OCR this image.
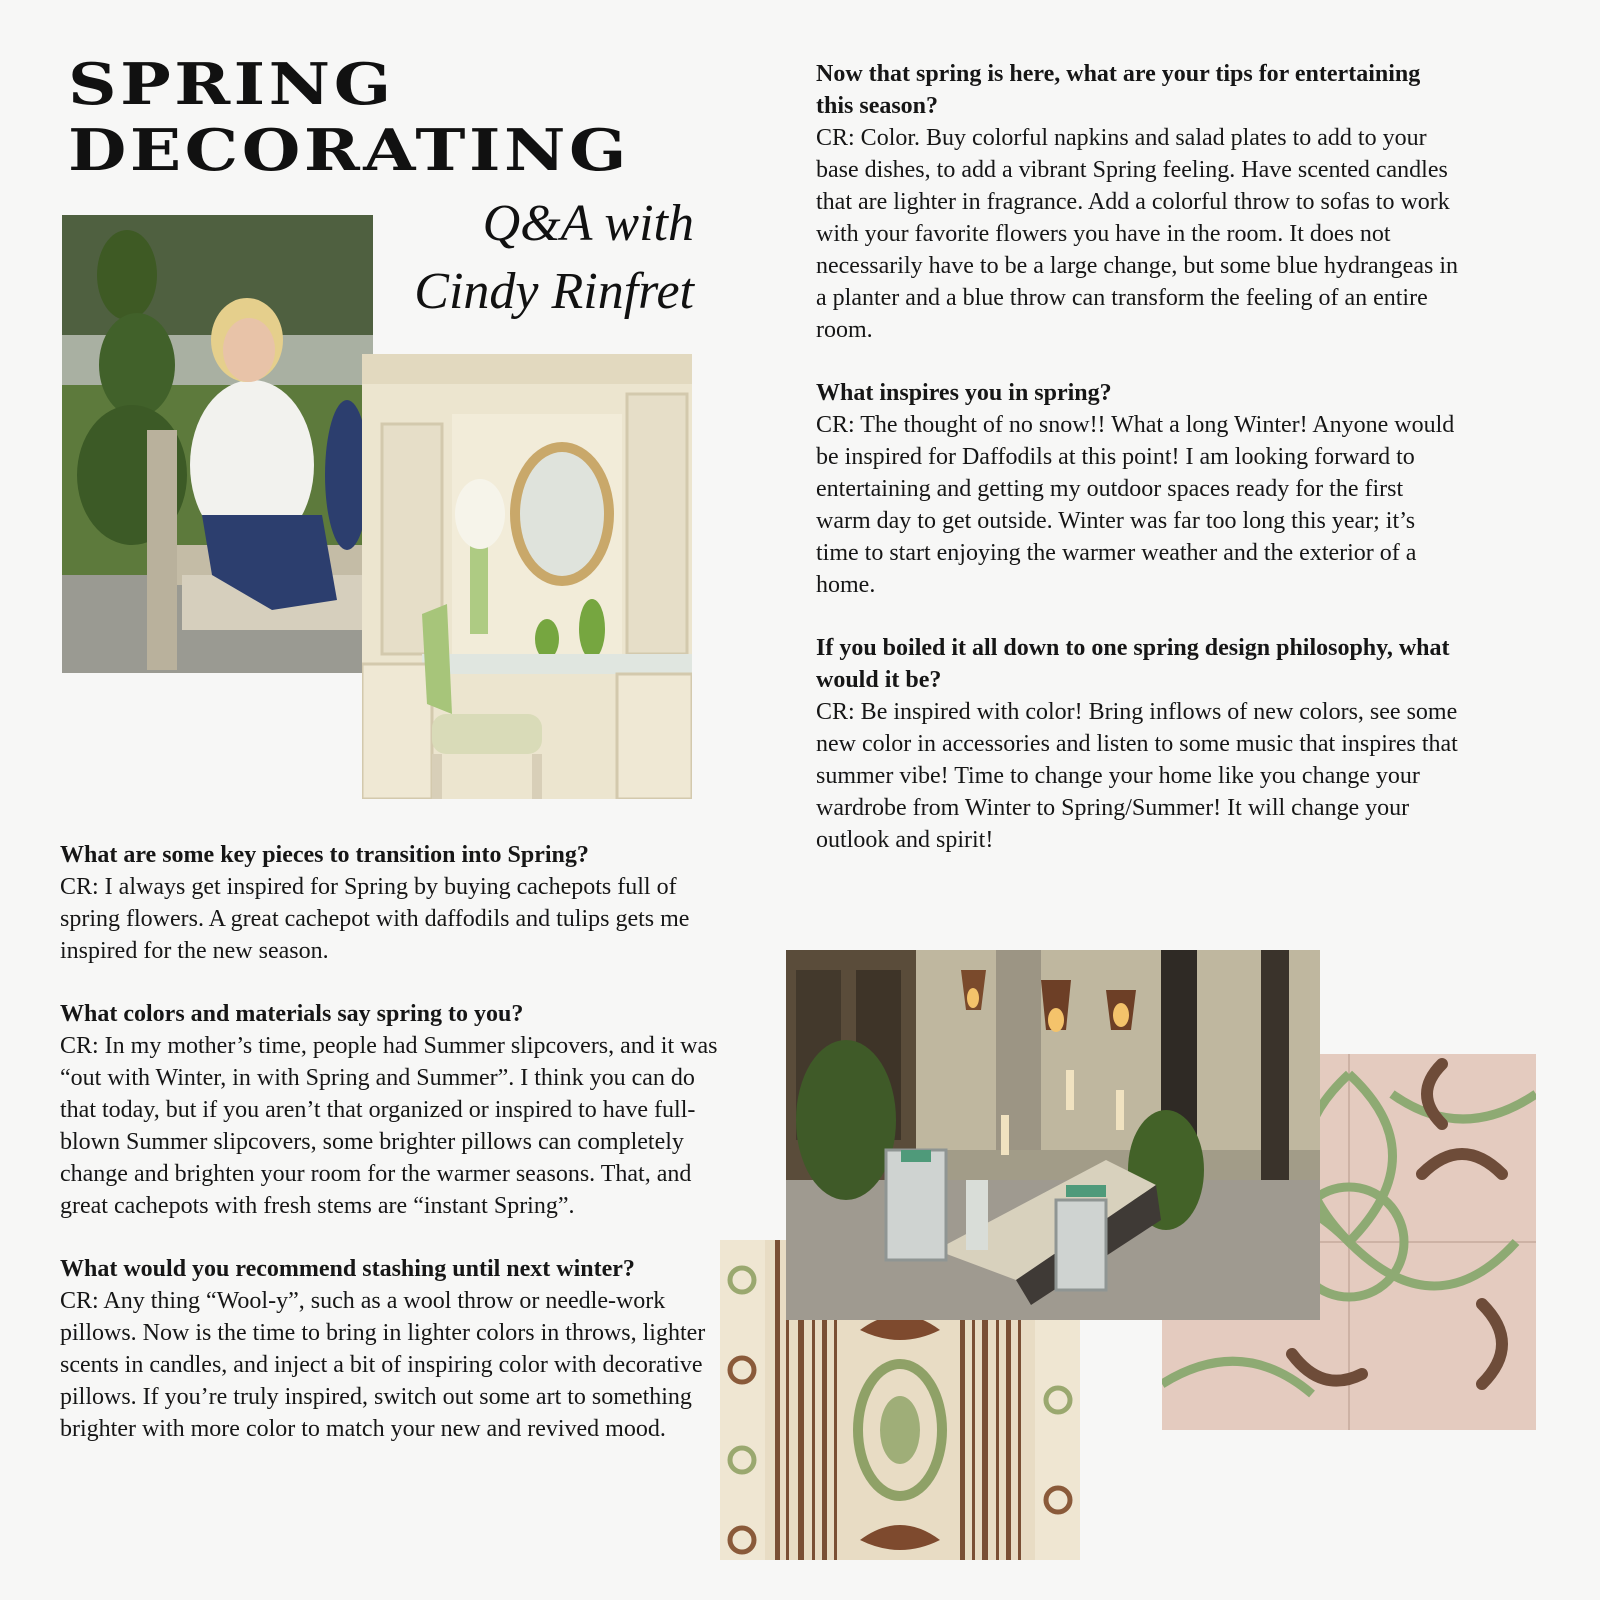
SPRING
DECORATING
Q&A with
Cindy Rinfret

What are some key pieces to transition into Spring?
CR: I always get inspired for Spring by buying cachepots full of spring flowers. A great cachepot with daffodils and tulips gets me inspired for the new season.

What colors and materials say spring to you?
CR: In my mother’s time, people had Summer slipcovers, and it was “out with Winter, in with Spring and Summer”. I think you can do that today, but if you aren’t that organized or inspired to have full-blown Summer slipcovers, some brighter pillows can completely change and brighten your room for the warmer seasons. That, and great cachepots with fresh stems are “instant Spring”.

What would you recommend stashing until next winter?
CR: Any thing “Wool-y”, such as a wool throw or needle-work pillows. Now is the time to bring in lighter colors in throws, lighter scents in candles, and inject a bit of inspiring color with decorative pillows. If you’re truly inspired, switch out some art to something brighter with more color to match your new and revived mood.

Now that spring is here, what are your tips for entertaining this season?
CR: Color. Buy colorful napkins and salad plates to add to your base dishes, to add a vibrant Spring feeling. Have scented candles that are lighter in fragrance. Add a colorful throw to sofas to work with your favorite flowers you have in the room. It does not necessarily have to be a large change, but some blue hydrangeas in a planter and a blue throw can transform the feeling of an entire room.

What inspires you in spring?
CR: The thought of no snow!! What a long Winter! Anyone would be inspired for Daffodils at this point! I am looking forward to entertaining and getting my outdoor spaces ready for the first warm day to get outside. Winter was far too long this year; it’s time to start enjoying the warmer weather and the exterior of a home.

If you boiled it all down to one spring design philosophy, what would it be?
CR: Be inspired with color! Bring inflows of new colors, see some new color in accessories and listen to some music that inspires that summer vibe! Time to change your home like you change your wardrobe from Winter to Spring/Summer! It will change your outlook and spirit!
